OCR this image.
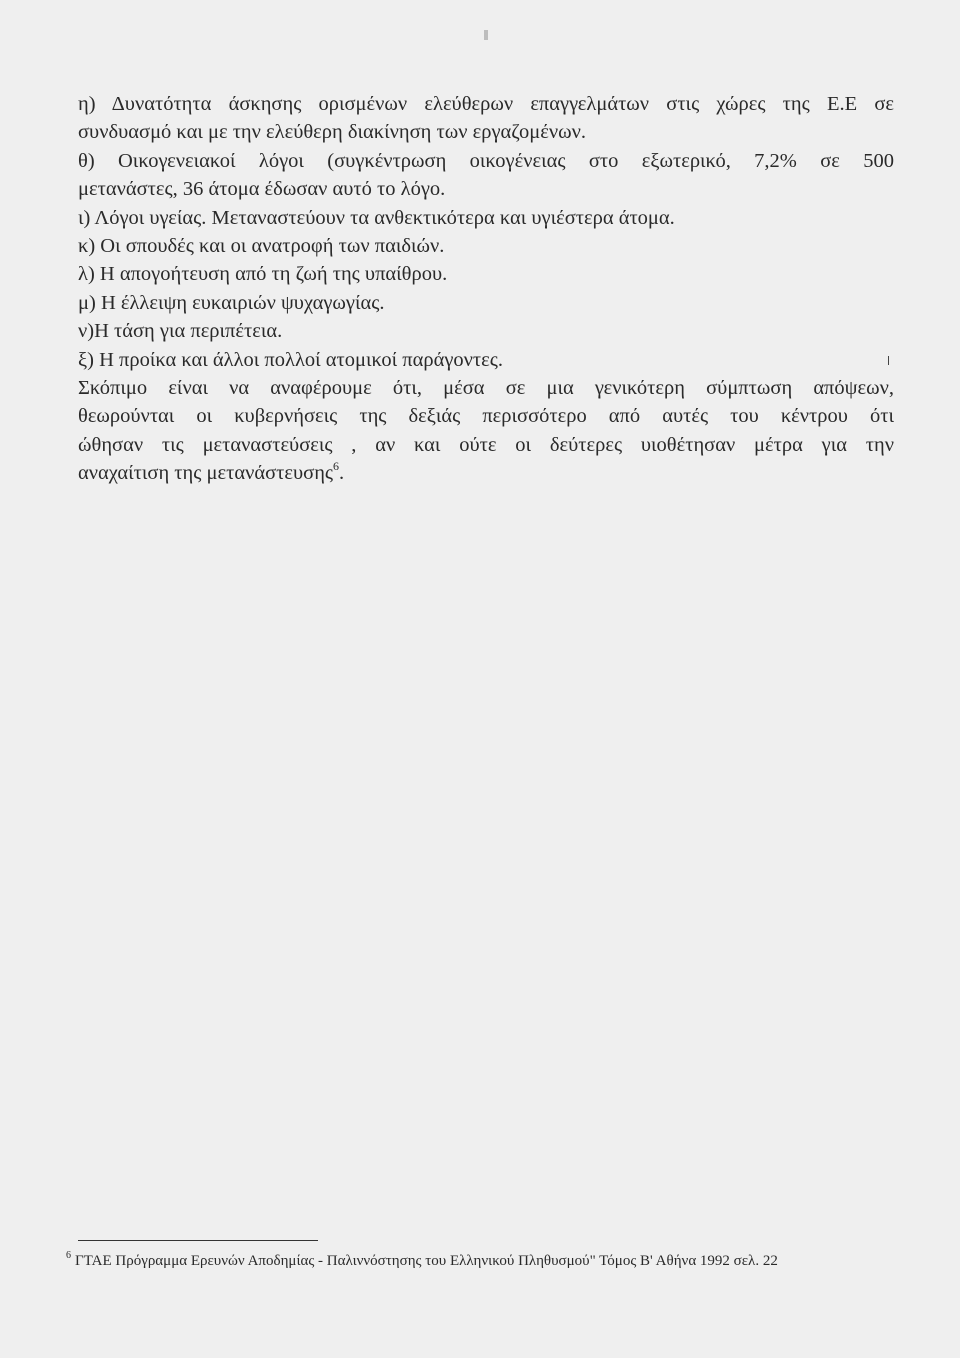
η) Δυνατότητα άσκησης ορισμένων ελεύθερων επαγγελμάτων στις χώρες της Ε.Ε σε
συνδυασμό και με την ελεύθερη διακίνηση των εργαζομένων.
θ) Οικογενειακοί λόγοι (συγκέντρωση οικογένειας στο εξωτερικό, 7,2% σε 500
μετανάστες, 36 άτομα έδωσαν αυτό το λόγο.
ι) Λόγοι υγείας. Μεταναστεύουν τα ανθεκτικότερα και υγιέστερα άτομα.
κ) Οι σπουδές και οι ανατροφή των παιδιών.
λ) Η απογοήτευση από τη ζωή της υπαίθρου.
μ) Η έλλειψη ευκαιριών ψυχαγωγίας.
ν)Η τάση για περιπέτεια.
ξ) Η προίκα και άλλοι πολλοί ατομικοί παράγοντες.
Σκόπιμο είναι να αναφέρουμε ότι, μέσα σε μια γενικότερη σύμπτωση απόψεων,
θεωρούνται οι κυβερνήσεις της δεξιάς περισσότερο από αυτές του κέντρου ότι
ώθησαν τις μεταναστεύσεις , αν και ούτε οι δεύτερες υιοθέτησαν μέτρα για την
αναχαίτιση της μετανάστευσης$^6$.
$^6$ ΓΤΑΕ Πρόγραμμα Ερευνών Αποδημίας - Παλιννόστησης του Ελληνικού Πληθυσμού" Τόμος Β' Αθήνα 1992 σελ. 22
